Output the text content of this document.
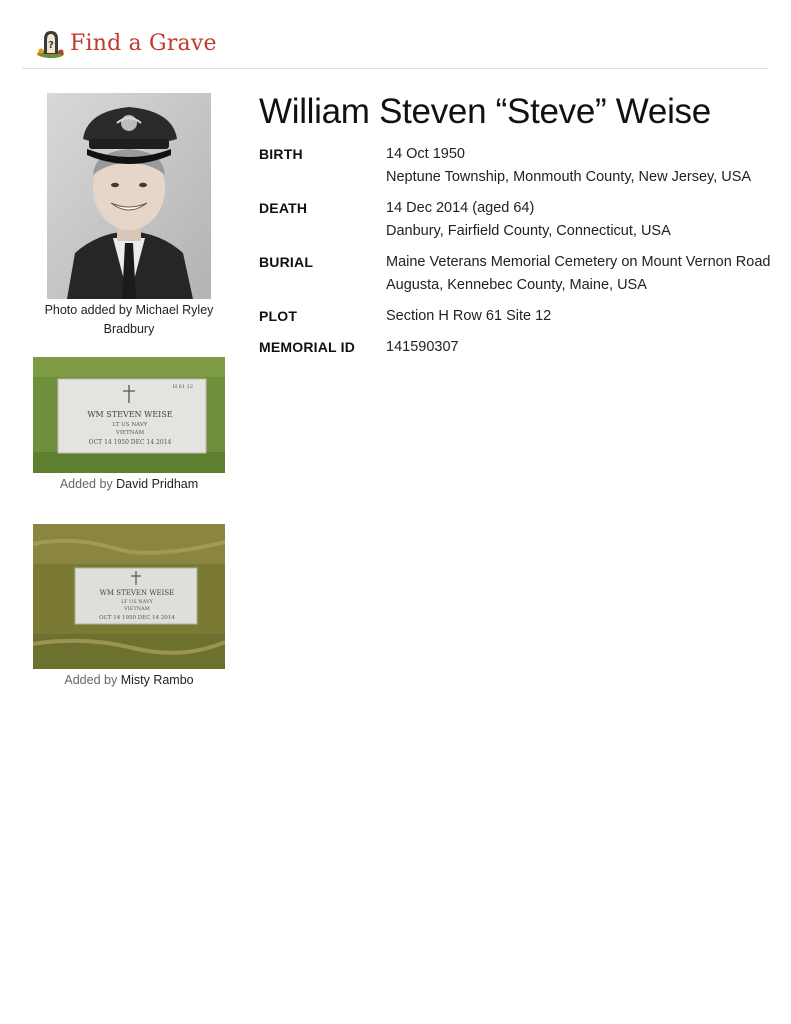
? Find a Grave
Photo added by Michael Ryley
Bradbury
H 61 12
WM STEVEN WEISE
LT US NAVY
VIETNAM
OCT 14 1950 DEC 14 2014
Added by David Pridham
WM STEVEN WEISE
LT US NAVY
VIETNAM
OCT 14 1950 DEC 14 2014
Added by Misty Rambo
William Steven “Steve” Weise
BIRTH	14 Oct 1950
Neptune Township, Monmouth County, New Jersey, USA
DEATH	14 Dec 2014 (aged 64)
Danbury, Fairfield County, Connecticut, USA
BURIAL	Maine Veterans Memorial Cemetery on Mount Vernon Road
Augusta, Kennebec County, Maine, USA
PLOT	Section H Row 61 Site 12
MEMORIAL ID 141590307
